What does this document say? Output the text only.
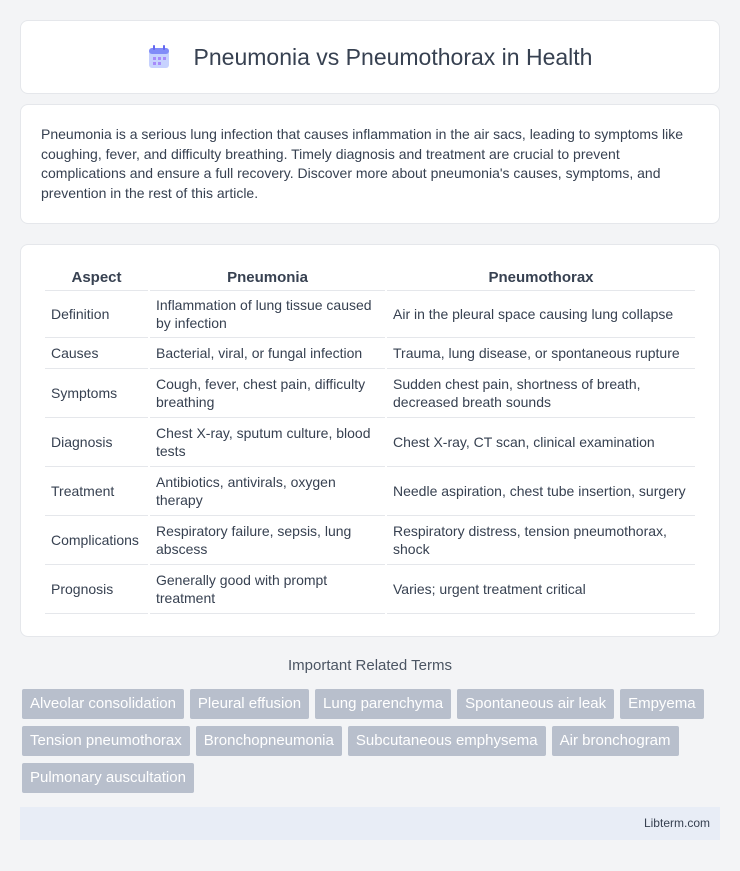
Pneumonia vs Pneumothorax in Health

Pneumonia is a serious lung infection that causes inflammation in the air sacs, leading to symptoms like coughing, fever, and difficulty breathing. Timely diagnosis and treatment are crucial to prevent complications and ensure a full recovery. Discover more about pneumonia's causes, symptoms, and prevention in the rest of this article.

Aspect	Pneumonia	Pneumothorax
Definition	Inflammation of lung tissue caused by infection	Air in the pleural space causing lung collapse
Causes	Bacterial, viral, or fungal infection	Trauma, lung disease, or spontaneous rupture
Symptoms	Cough, fever, chest pain, difficulty breathing	Sudden chest pain, shortness of breath, decreased breath sounds
Diagnosis	Chest X-ray, sputum culture, blood tests	Chest X-ray, CT scan, clinical examination
Treatment	Antibiotics, antivirals, oxygen therapy	Needle aspiration, chest tube insertion, surgery
Complications	Respiratory failure, sepsis, lung abscess	Respiratory distress, tension pneumothorax, shock
Prognosis	Generally good with prompt treatment	Varies; urgent treatment critical
Important Related Terms
Alveolar consolidation	Pleural effusion	Lung parenchyma	Spontaneous air leak	Empyema
Tension pneumothorax	Bronchopneumonia	Subcutaneous emphysema	Air bronchogram
Pulmonary auscultation
Libterm.com
